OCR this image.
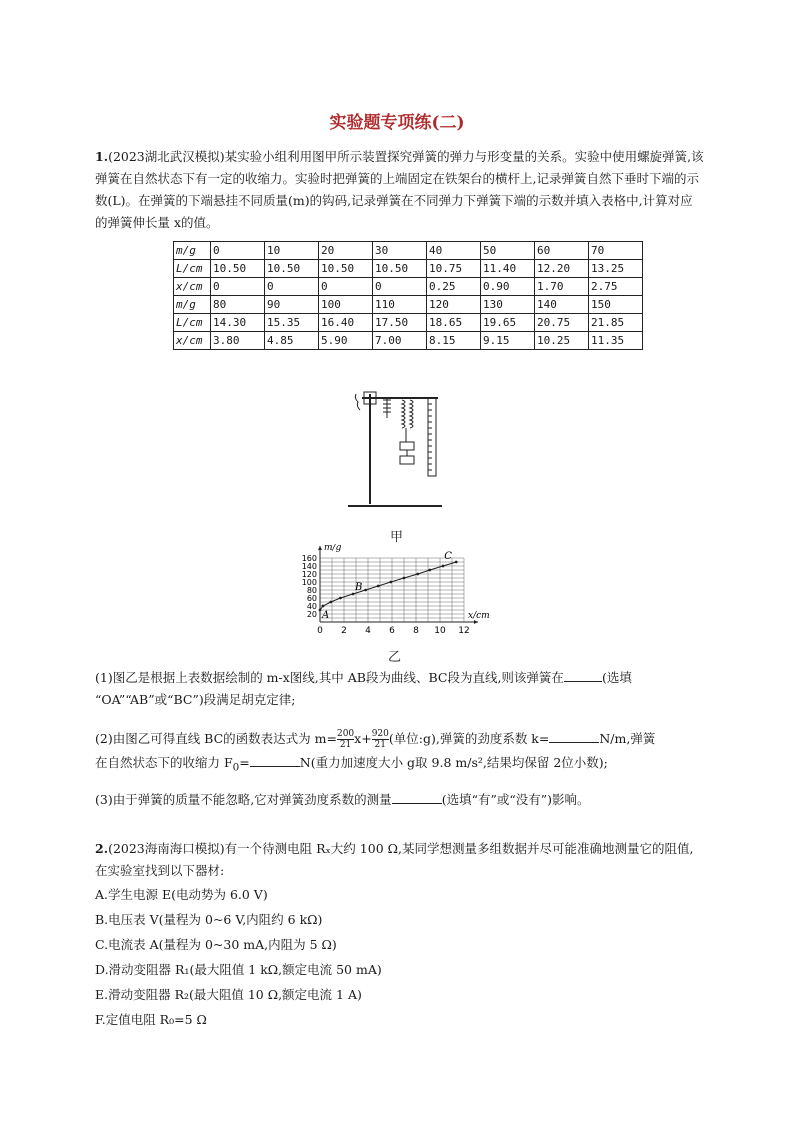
实验题专项练(二)
1.(2023湖北武汉模拟)某实验小组利用图甲所示装置探究弹簧的弹力与形变量的关系。实验中使用螺旋弹簧,该弹簧在自然状态下有一定的收缩力。实验时把弹簧的上端固定在铁架台的横杆上,记录弹簧自然下垂时下端的示数(L)。在弹簧的下端悬挂不同质量(m)的钩码,记录弹簧在不同弹力下弹簧下端的示数并填入表格中,计算对应的弹簧伸长量 x的值。
m/g	0	10	20	30	40	50	60	70
L/cm	10.50	10.50	10.50	10.50	10.75	11.40	12.20	13.25
x/cm	0	0	0	0	0.25	0.90	1.70	2.75
m/g	80	90	100	110	120	130	140	150
L/cm	14.30	15.35	16.40	17.50	18.65	19.65	20.75	21.85
x/cm	3.80	4.85	5.90	7.00	8.15	9.15	10.25	11.35
甲
0 2 4 6 8 10 12
20
40
60
80
100
120
140
160
x/cm
m/g
A
B
C
乙
(1)图乙是根据上表数据绘制的 m-x图线,其中 AB段为曲线、BC段为直线,则该弹簧在	(选填
“OA”“AB”或“BC”)段满足胡克定律;
(2)由图乙可得直线 BC的函数表达式为 $m=\frac{200}{21} x+\frac{920}{21}$ (单位:g),弹簧的劲度系数 k=	N/m,弹簧
在自然状态下的收缩力 $F_0=$	N(重力加速度大小 g取 9.8 m/s²,结果均保留 2位小数);
(3)由于弹簧的质量不能忽略,它对弹簧劲度系数的测量	(选填“有”或“没有”)影响。
2.(2023海南海口模拟)有一个待测电阻 Rₓ大约 100 Ω,某同学想测量多组数据并尽可能准确地测量它的阻值,在实验室找到以下器材:
A.学生电源 E(电动势为 6.0 V)
B.电压表 V(量程为 0~6 V,内阻约 6 kΩ)
C.电流表 A(量程为 0~30 mA,内阻为 5 Ω)
D.滑动变阻器 R₁(最大阻值 1 kΩ,额定电流 50 mA)
E.滑动变阻器 R₂(最大阻值 10 Ω,额定电流 1 A)
F.定值电阻 R₀=5 Ω
